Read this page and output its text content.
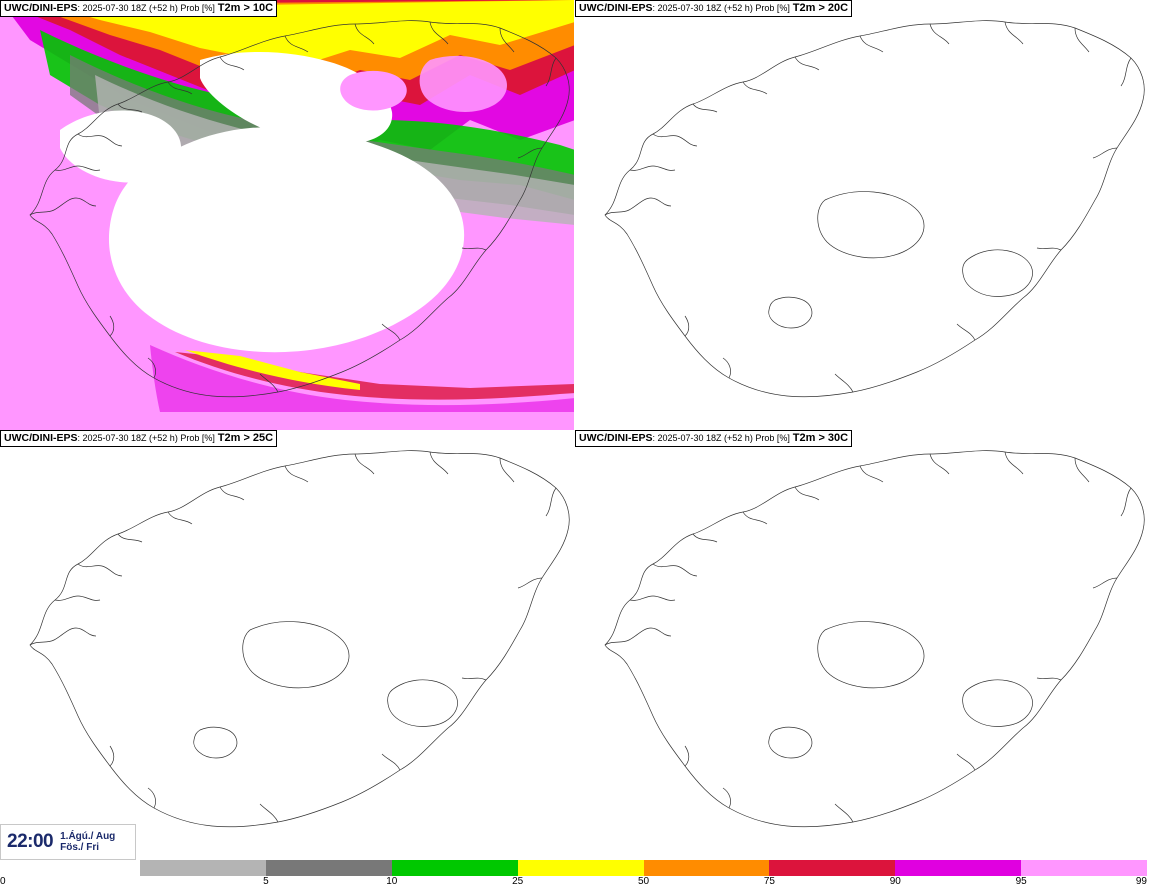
UWC/DINI-EPS: 2025-07-30 18Z (+52 h) Prob [%] T2m > 10C	UWC/DINI-EPS: 2025-07-30 18Z (+52 h) Prob [%] T2m > 20C
UWC/DINI-EPS: 2025-07-30 18Z (+52 h) Prob [%] T2m > 25C	UWC/DINI-EPS: 2025-07-30 18Z (+52 h) Prob [%] T2m > 30C
22:00 1.Ágú./ Aug
Fös./ Fri
0	5	10	25	50	75	90	95	99
